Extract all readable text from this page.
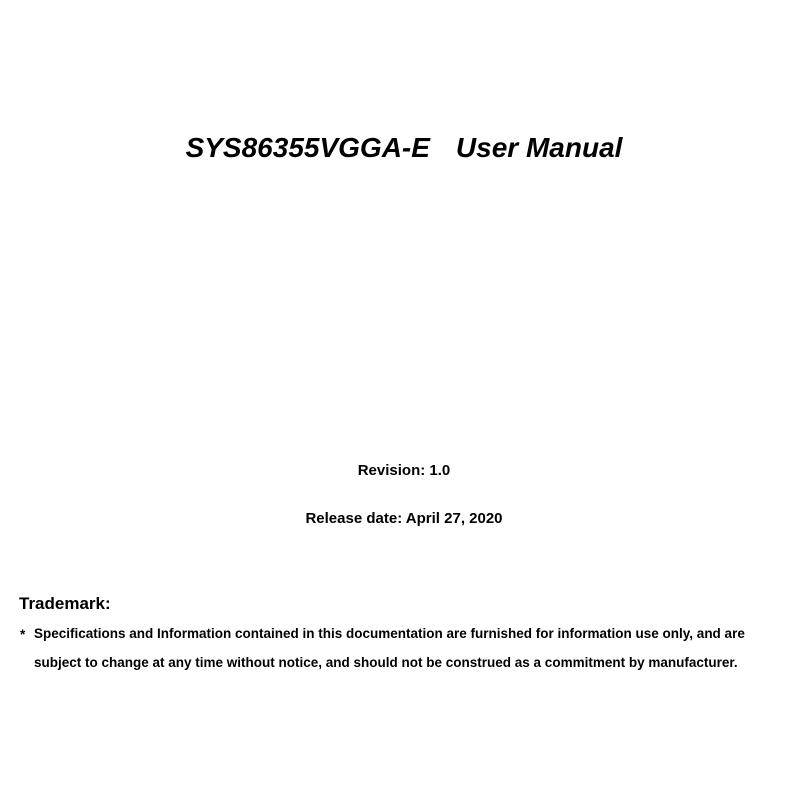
SYS86355VGGA-E User Manual
Revision: 1.0
Release date: April 27, 2020
Trademark:
* Specifications and Information contained in this documentation are furnished for information use only, and are
subject to change at any time without notice, and should not be construed as a commitment by manufacturer.
